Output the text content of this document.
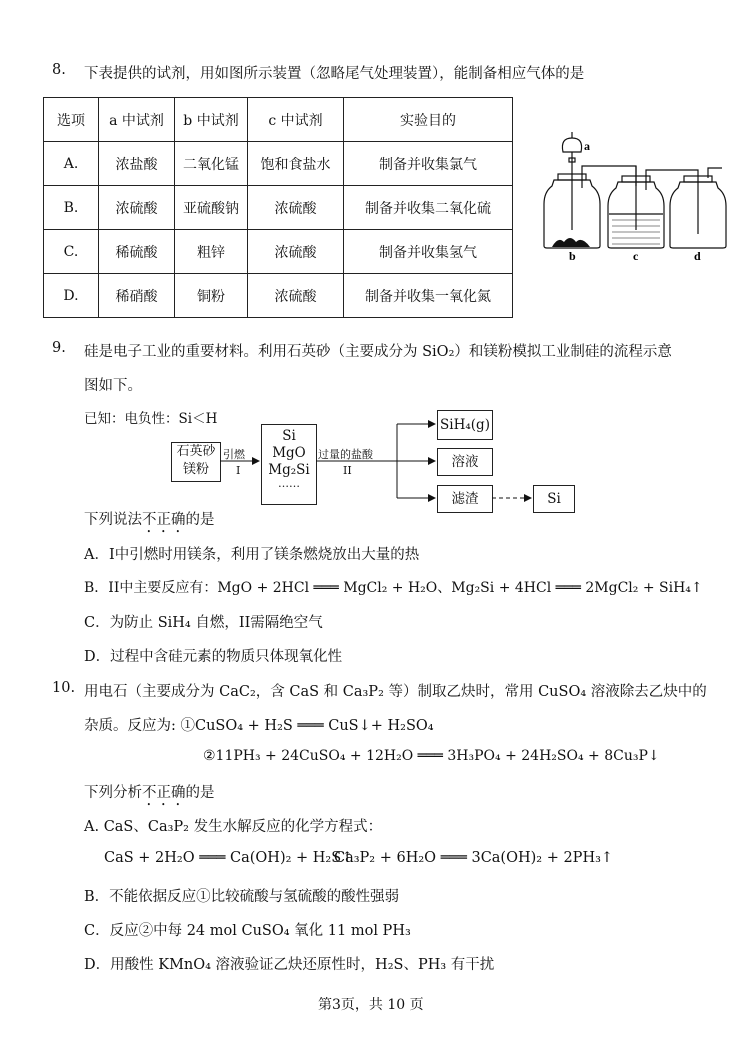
8. 下表提供的试剂，用如图所示装置（忽略尾气处理装置），能制备相应气体的是
选项	a 中试剂	b 中试剂	c 中试剂	实验目的
A.	浓盐酸	二氧化锰	饱和食盐水	制备并收集氯气
B.	浓硫酸	亚硫酸钠	浓硫酸	制备并收集二氧化硫
C.	稀硫酸	粗锌	浓硫酸	制备并收集氢气
D.	稀硝酸	铜粉	浓硫酸	制备并收集一氧化氮
a
b	c	d
9. 硅是电子工业的重要材料。利用石英砂（主要成分为 SiO₂）和镁粉模拟工业制硅的流程示意
图如下。
已知：电负性：Si＜H
石英砂
镁粉
引燃
I
Si
MgO
Mg₂Si
……
过量的盐酸
II
SiH₄(g)
溶液
滤渣	Si
下列说法不正确的是
A．I中引燃时用镁条，利用了镁条燃烧放出大量的热
B．II中主要反应有：MgO + 2HCl ═══ MgCl₂ + H₂O、Mg₂Si + 4HCl ═══ 2MgCl₂ + SiH₄↑
C．为防止 SiH₄ 自燃，II需隔绝空气
D．过程中含硅元素的物质只体现氧化性
10. 用电石（主要成分为 CaC₂，含 CaS 和 Ca₃P₂ 等）制取乙炔时，常用 CuSO₄ 溶液除去乙炔中的
杂质。反应为: ①CuSO₄ + H₂S ═══ CuS↓+ H₂SO₄
②11PH₃ + 24CuSO₄ + 12H₂O ═══ 3H₃PO₄ + 24H₂SO₄ + 8Cu₃P↓
下列分析不正确的是
A. CaS、Ca₃P₂ 发生水解反应的化学方程式：
CaS + 2H₂O ═══ Ca(OH)₂ + H₂S↑
Ca₃P₂ + 6H₂O ═══ 3Ca(OH)₂ + 2PH₃↑
B．不能依据反应①比较硫酸与氢硫酸的酸性强弱
C．反应②中每 24 mol CuSO₄ 氧化 11 mol PH₃
D．用酸性 KMnO₄ 溶液验证乙炔还原性时，H₂S、PH₃ 有干扰
第3页，共 10 页
